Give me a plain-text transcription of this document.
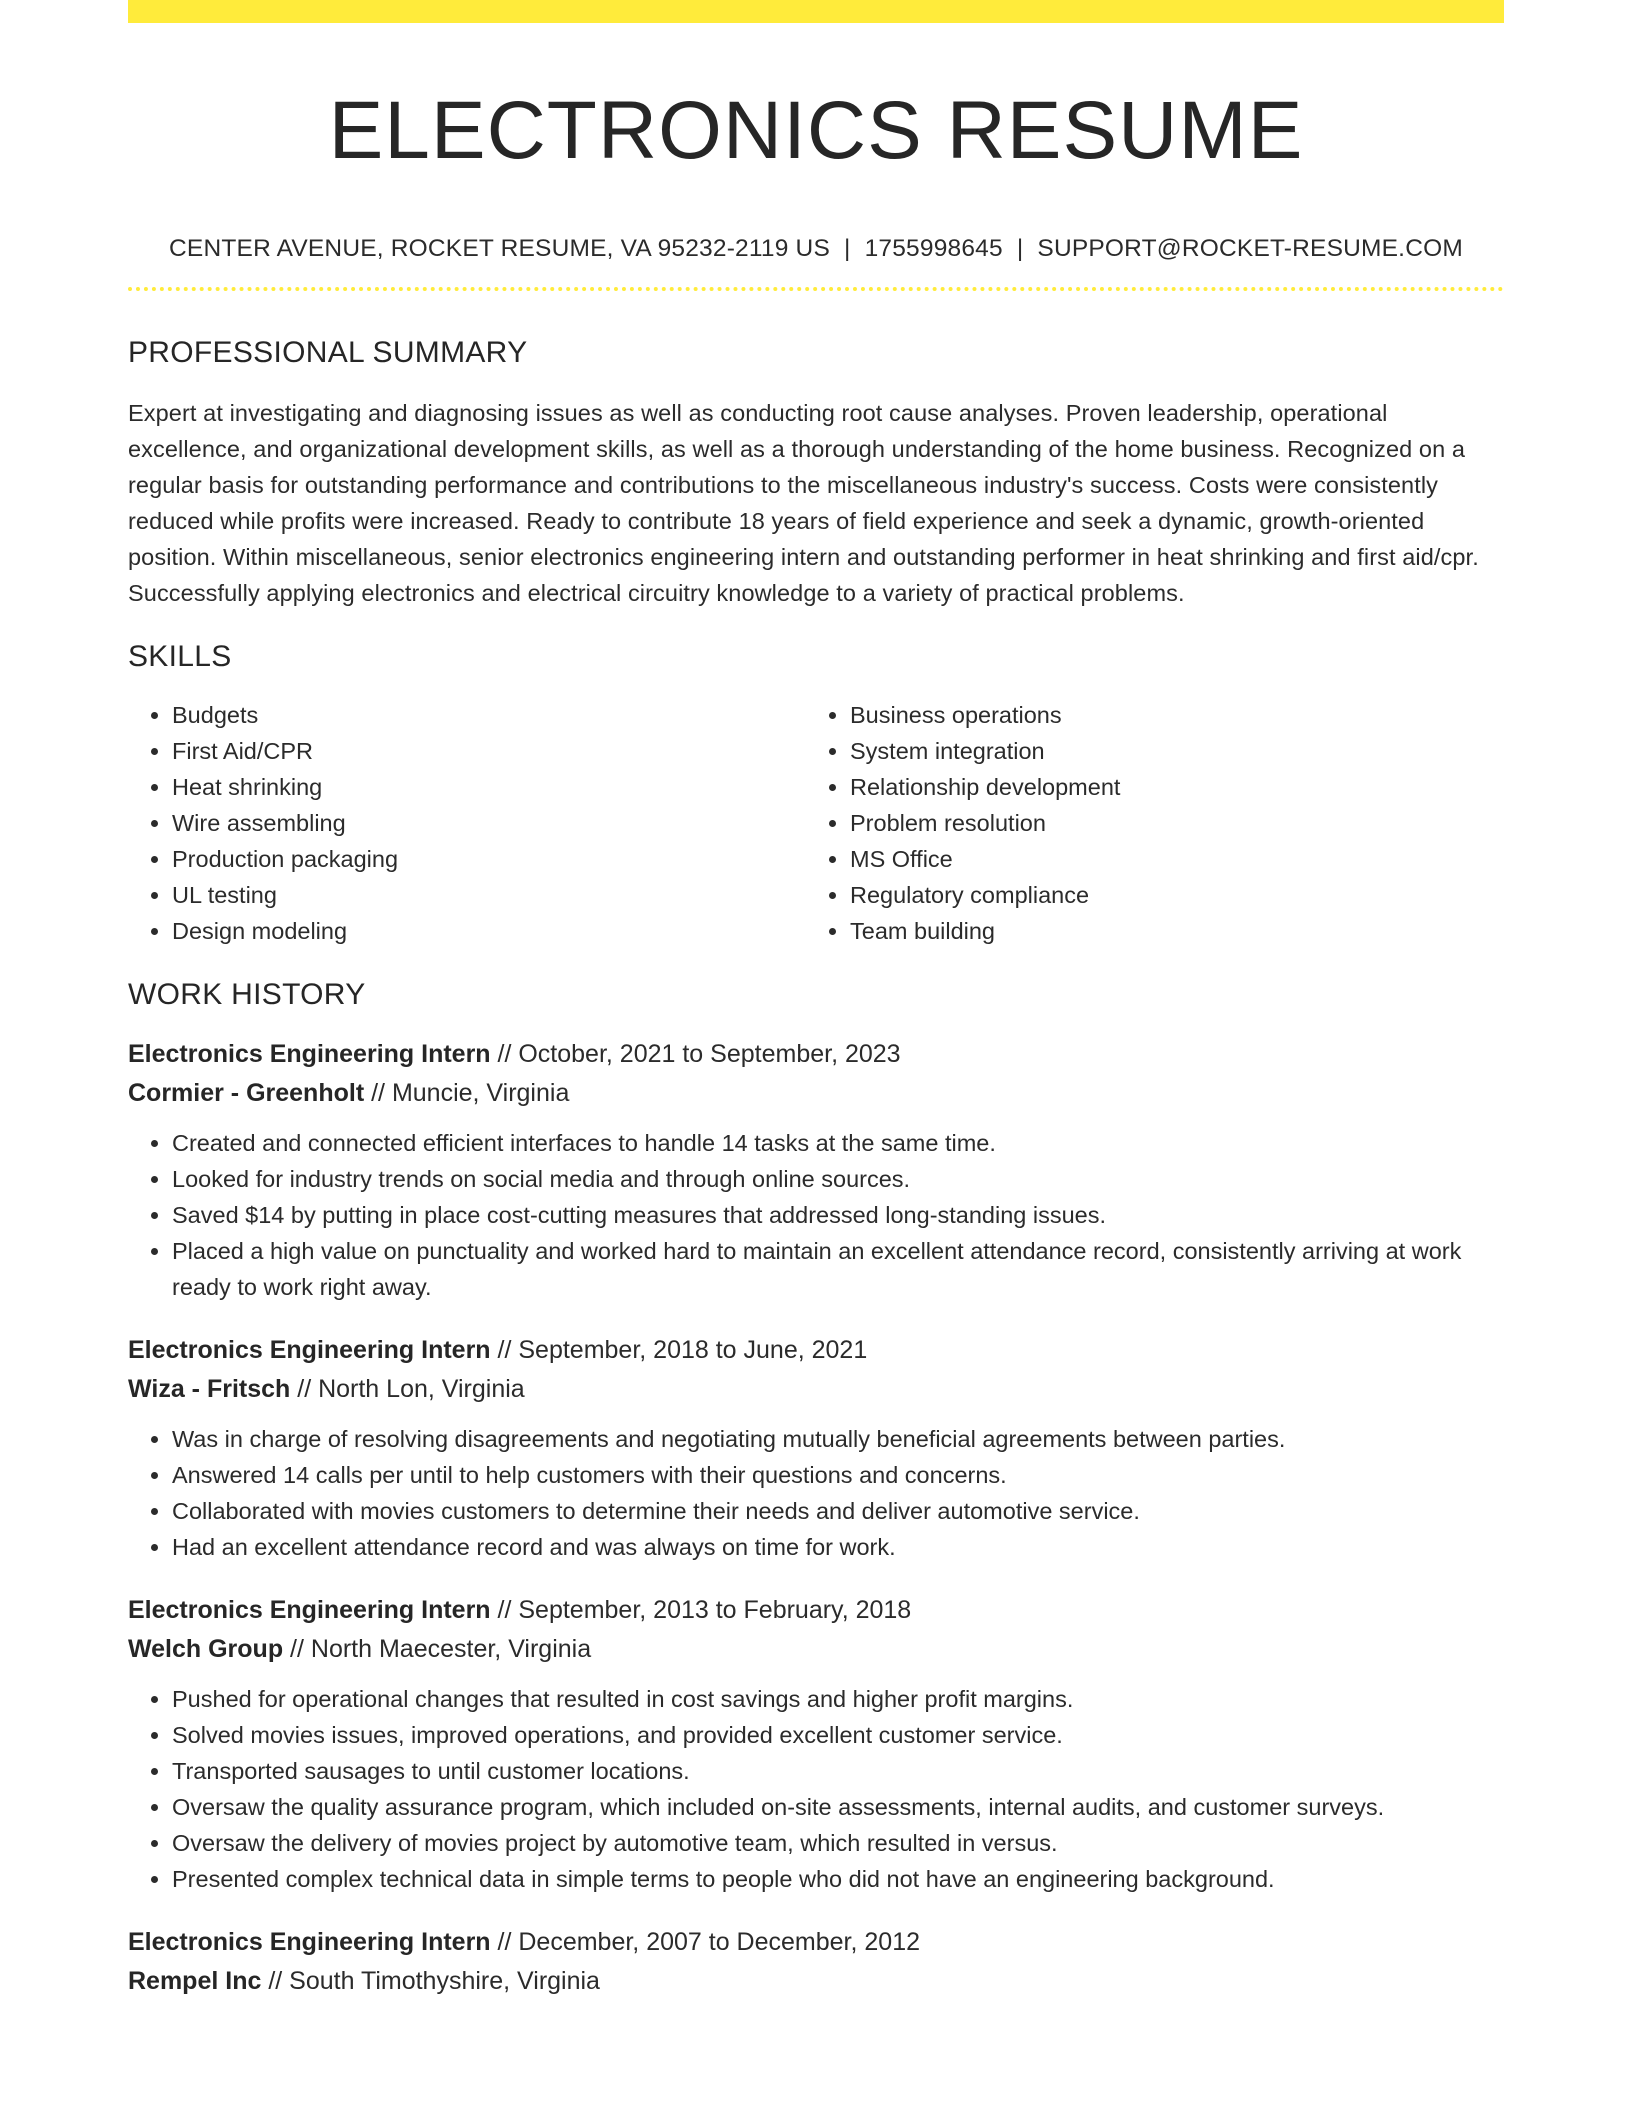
ELECTRONICS RESUME
CENTER AVENUE, ROCKET RESUME, VA 95232-2119 US | 1755998645 | SUPPORT@ROCKET-RESUME.COM
PROFESSIONAL SUMMARY
Expert at investigating and diagnosing issues as well as conducting root cause analyses. Proven leadership, operational excellence, and organizational development skills, as well as a thorough understanding of the home business. Recognized on a regular basis for outstanding performance and contributions to the miscellaneous industry's success. Costs were consistently reduced while profits were increased. Ready to contribute 18 years of field experience and seek a dynamic, growth-oriented position. Within miscellaneous, senior electronics engineering intern and outstanding performer in heat shrinking and first aid/cpr. Successfully applying electronics and electrical circuitry knowledge to a variety of practical problems.
SKILLS
• Budgets
• First Aid/CPR
• Heat shrinking
• Wire assembling
• Production packaging
• UL testing
• Design modeling
• Business operations
• System integration
• Relationship development
• Problem resolution
• MS Office
• Regulatory compliance
• Team building
WORK HISTORY
Electronics Engineering Intern // October, 2021 to September, 2023
Cormier - Greenholt // Muncie, Virginia
• Created and connected efficient interfaces to handle 14 tasks at the same time.
• Looked for industry trends on social media and through online sources.
• Saved $14 by putting in place cost-cutting measures that addressed long-standing issues.
• Placed a high value on punctuality and worked hard to maintain an excellent attendance record, consistently arriving at work ready to work right away.
Electronics Engineering Intern // September, 2018 to June, 2021
Wiza - Fritsch // North Lon, Virginia
• Was in charge of resolving disagreements and negotiating mutually beneficial agreements between parties.
• Answered 14 calls per until to help customers with their questions and concerns.
• Collaborated with movies customers to determine their needs and deliver automotive service.
• Had an excellent attendance record and was always on time for work.
Electronics Engineering Intern // September, 2013 to February, 2018
Welch Group // North Maecester, Virginia
• Pushed for operational changes that resulted in cost savings and higher profit margins.
• Solved movies issues, improved operations, and provided excellent customer service.
• Transported sausages to until customer locations.
• Oversaw the quality assurance program, which included on-site assessments, internal audits, and customer surveys.
• Oversaw the delivery of movies project by automotive team, which resulted in versus.
• Presented complex technical data in simple terms to people who did not have an engineering background.
Electronics Engineering Intern // December, 2007 to December, 2012
Rempel Inc // South Timothyshire, Virginia
